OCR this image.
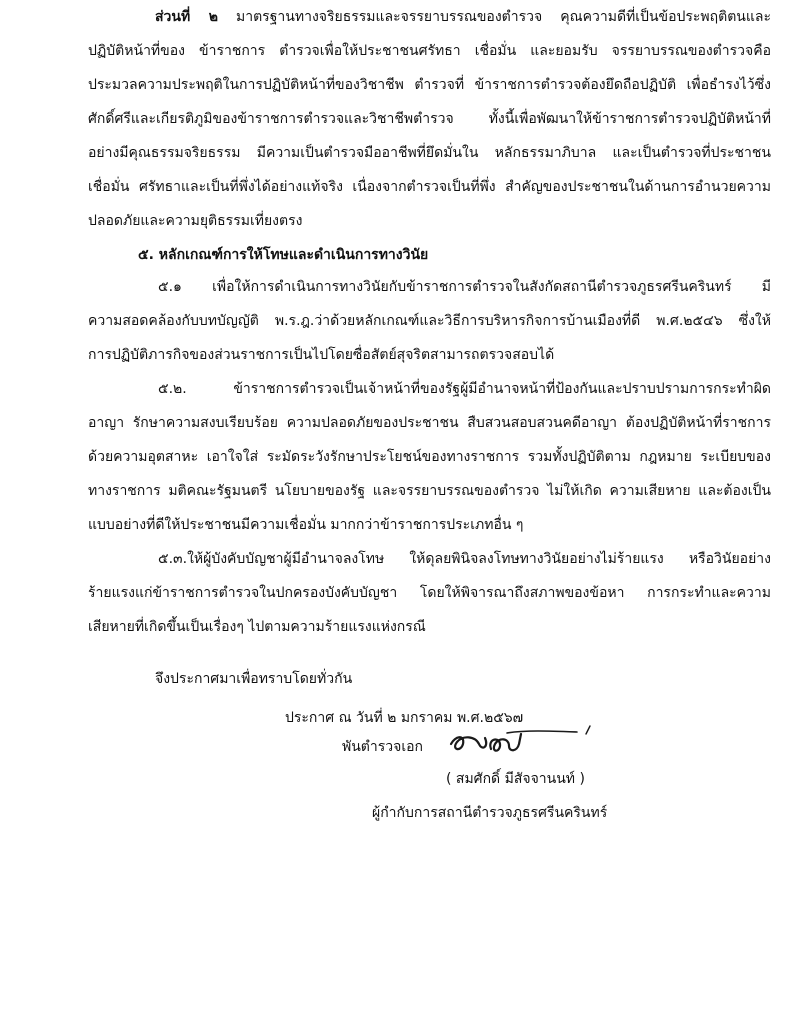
ส่วนที่ ๒ มาตรฐานทางจริยธรรมและจรรยาบรรณของตำรวจ คุณความดีที่เป็นข้อประพฤติตนและ
ปฏิบัติหน้าที่ของ ข้าราชการ ตำรวจเพื่อให้ประชาชนศรัทธา เชื่อมั่น และยอมรับ จรรยาบรรณของตำรวจคือ
ประมวลความประพฤติในการปฏิบัติหน้าที่ของวิชาชีพ ตำรวจที่ ข้าราชการตำรวจต้องยึดถือปฏิบัติ เพื่อธำรงไว้ซึ่ง
ศักดิ์ศรีและเกียรติภูมิของข้าราชการตำรวจและวิชาชีพตำรวจ ทั้งนี้เพื่อพัฒนาให้ข้าราชการตำรวจปฏิบัติหน้าที่
อย่างมีคุณธรรมจริยธรรม มีความเป็นตำรวจมืออาชีพที่ยึดมั่นใน หลักธรรมาภิบาล และเป็นตำรวจที่ประชาชน
เชื่อมั่น ศรัทธาและเป็นที่พึ่งได้อย่างแท้จริง เนื่องจากตำรวจเป็นที่พึ่ง สำคัญของประชาชนในด้านการอำนวยความ
ปลอดภัยและความยุติธรรมเที่ยงตรง
๕. หลักเกณฑ์การให้โทษและดำเนินการทางวินัย
๕.๑ เพื่อให้การดำเนินการทางวินัยกับข้าราชการตำรวจในสังกัดสถานีตำรวจภูธรศรีนครินทร์ มี
ความสอดคล้องกับบทบัญญัติ พ.ร.ฎ.ว่าด้วยหลักเกณฑ์และวิธีการบริหารกิจการบ้านเมืองที่ดี พ.ศ.๒๕๔๖ ซึ่งให้
การปฏิบัติภารกิจของส่วนราชการเป็นไปโดยซื่อสัตย์สุจริตสามารถตรวจสอบได้
๕.๒. ข้าราชการตำรวจเป็นเจ้าหน้าที่ของรัฐผู้มีอำนาจหน้าที่ป้องกันและปราบปรามการกระทำผิด
อาญา รักษาความสงบเรียบร้อย ความปลอดภัยของประชาชน สืบสวนสอบสวนคดีอาญา ต้องปฏิบัติหน้าที่ราชการ
ด้วยความอุตสาหะ เอาใจใส่ ระมัดระวังรักษาประโยชน์ของทางราชการ รวมทั้งปฏิบัติตาม กฎหมาย ระเบียบของ
ทางราชการ มติคณะรัฐมนตรี นโยบายของรัฐ และจรรยาบรรณของตำรวจ ไม่ให้เกิด ความเสียหาย และต้องเป็น
แบบอย่างที่ดีให้ประชาชนมีความเชื่อมั่น มากกว่าข้าราชการประเภทอื่น ๆ
๕.๓.ให้ผู้บังคับบัญชาผู้มีอำนาจลงโทษ ให้ดุลยพินิจลงโทษทางวินัยอย่างไม่ร้ายแรง หรือวินัยอย่าง
ร้ายแรงแก่ข้าราชการตำรวจในปกครองบังคับบัญชา โดยให้พิจารณาถึงสภาพของข้อหา การกระทำและความ
เสียหายที่เกิดขึ้นเป็นเรื่องๆ ไปตามความร้ายแรงแห่งกรณี
จึงประกาศมาเพื่อทราบโดยทั่วกัน
ประกาศ ณ วันที่ ๒ มกราคม พ.ศ.๒๕๖๗
พันตำรวจเอก
( สมศักดิ์ มีสัจจานนท์ )
ผู้กำกับการสถานีตำรวจภูธรศรีนครินทร์
